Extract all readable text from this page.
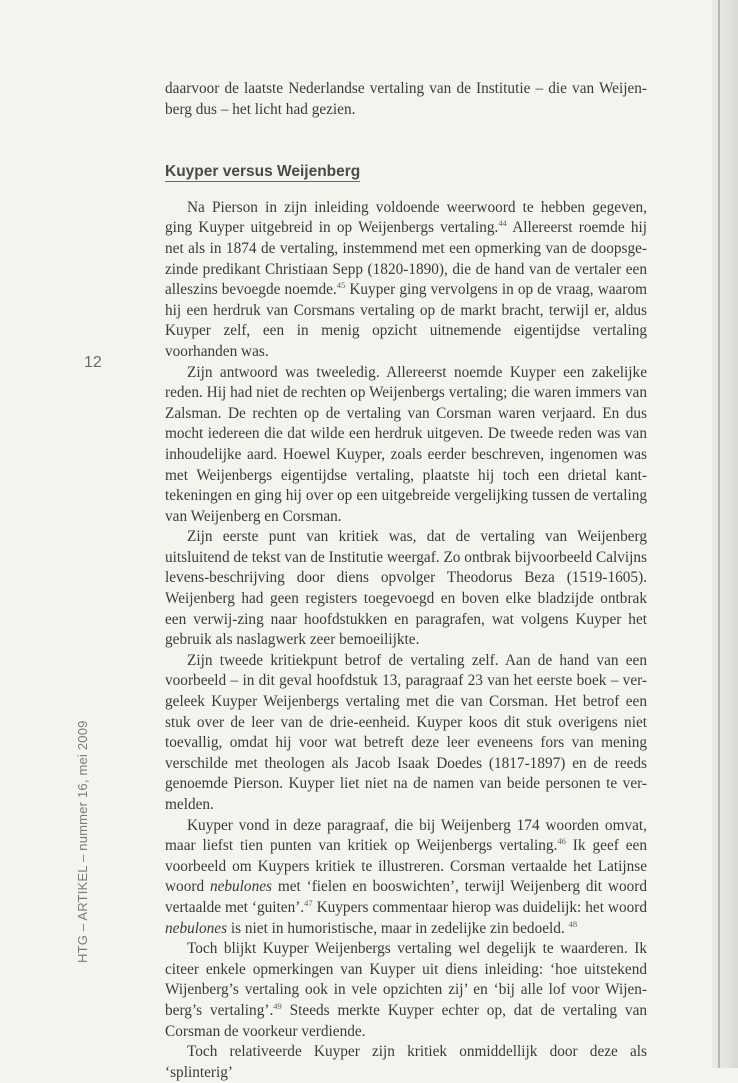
12
HTG – ARTIKEL – nummer 16, mei 2009

daarvoor de laatste Nederlandse vertaling van de Institutie – die van Weijen-berg dus – het licht had gezien.

Kuyper versus Weijenberg

Na Pierson in zijn inleiding voldoende weerwoord te hebben gegeven, ging Kuyper uitgebreid in op Weijenbergs vertaling.$^{44}$ Allereerst roemde hij net als in 1874 de vertaling, instemmend met een opmerking van de doopsge-zinde predikant Christiaan Sepp (1820-1890), die de hand van de vertaler een alleszins bevoegde noemde.$^{45}$ Kuyper ging vervolgens in op de vraag, waarom hij een herdruk van Corsmans vertaling op de markt bracht, terwijl er, aldus Kuyper zelf, een in menig opzicht uitnemende eigentijdse vertaling voorhanden was.

Zijn antwoord was tweeledig. Allereerst noemde Kuyper een zakelijke reden. Hij had niet de rechten op Weijenbergs vertaling; die waren immers van Zalsman. De rechten op de vertaling van Corsman waren verjaard. En dus mocht iedereen die dat wilde een herdruk uitgeven. De tweede reden was van inhoudelijke aard. Hoewel Kuyper, zoals eerder beschreven, ingenomen was met Weijenbergs eigentijdse vertaling, plaatste hij toch een drietal kant-tekeningen en ging hij over op een uitgebreide vergelijking tussen de vertaling van Weijenberg en Corsman.

Zijn eerste punt van kritiek was, dat de vertaling van Weijenberg uitsluitend de tekst van de Institutie weergaf. Zo ontbrak bijvoorbeeld Calvijns levens-beschrijving door diens opvolger Theodorus Beza (1519-1605). Weijenberg had geen registers toegevoegd en boven elke bladzijde ontbrak een verwij-zing naar hoofdstukken en paragrafen, wat volgens Kuyper het gebruik als naslagwerk zeer bemoeilijkte.

Zijn tweede kritiekpunt betrof de vertaling zelf. Aan de hand van een voorbeeld – in dit geval hoofdstuk 13, paragraaf 23 van het eerste boek – ver-geleek Kuyper Weijenbergs vertaling met die van Corsman. Het betrof een stuk over de leer van de drie-eenheid. Kuyper koos dit stuk overigens niet toevallig, omdat hij voor wat betreft deze leer eveneens fors van mening verschilde met theologen als Jacob Isaak Doedes (1817-1897) en de reeds genoemde Pierson. Kuyper liet niet na de namen van beide personen te ver-melden.

Kuyper vond in deze paragraaf, die bij Weijenberg 174 woorden omvat, maar liefst tien punten van kritiek op Weijenbergs vertaling.$^{46}$ Ik geef een voorbeeld om Kuypers kritiek te illustreren. Corsman vertaalde het Latijnse woord nebulones met ‘fielen en booswichten’, terwijl Weijenberg dit woord vertaalde met ‘guiten’.$^{47}$ Kuypers commentaar hierop was duidelijk: het woord nebulones is niet in humoristische, maar in zedelijke zin bedoeld. $^{48}$

Toch blijkt Kuyper Weijenbergs vertaling wel degelijk te waarderen. Ik citeer enkele opmerkingen van Kuyper uit diens inleiding: ‘hoe uitstekend Wijenberg’s vertaling ook in vele opzichten zij’ en ‘bij alle lof voor Wijen-berg’s vertaling’.$^{49}$ Steeds merkte Kuyper echter op, dat de vertaling van Corsman de voorkeur verdiende.

Toch relativeerde Kuyper zijn kritiek onmiddellijk door deze als ‘splinterig’
